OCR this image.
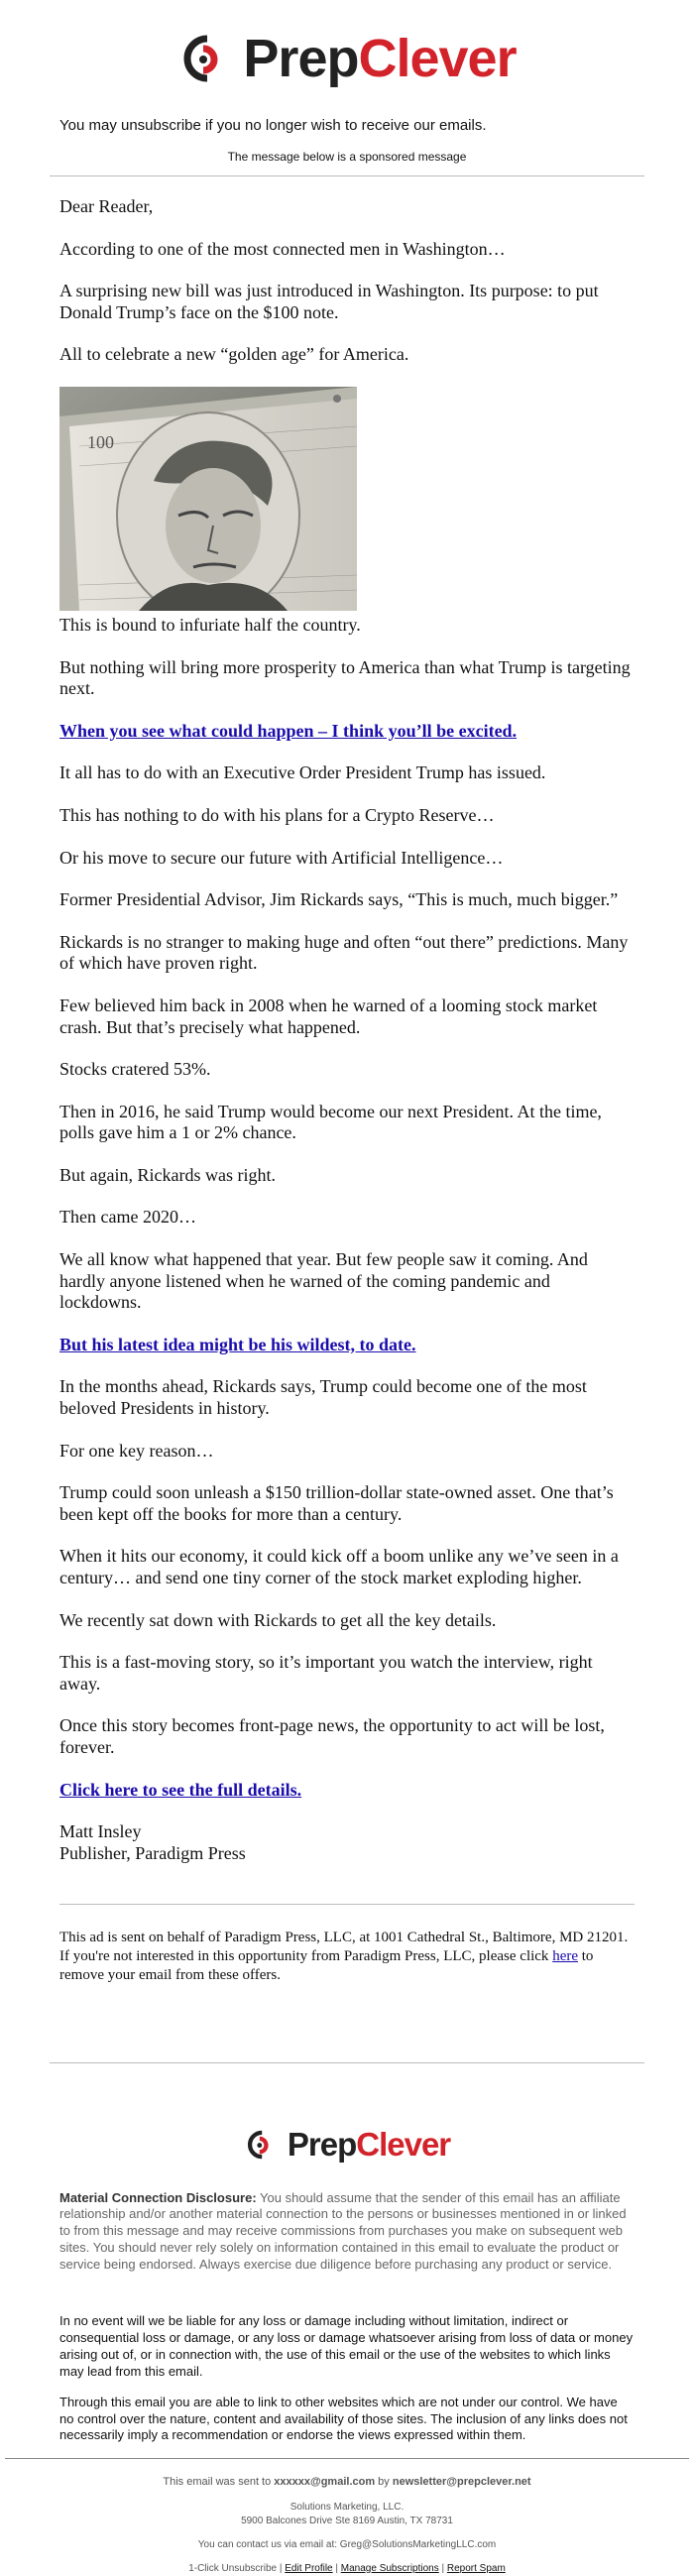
PrepClever
You may unsubscribe if you no longer wish to receive our emails.
The message below is a sponsored message

Dear Reader,

According to one of the most connected men in Washington…

A surprising new bill was just introduced in Washington. Its purpose: to put Donald Trump’s face on the $100 note.

All to celebrate a new “golden age” for America.

100

This is bound to infuriate half the country.

But nothing will bring more prosperity to America than what Trump is targeting next.

When you see what could happen – I think you’ll be excited.

It all has to do with an Executive Order President Trump has issued.

This has nothing to do with his plans for a Crypto Reserve…

Or his move to secure our future with Artificial Intelligence…

Former Presidential Advisor, Jim Rickards says, “This is much, much bigger.”

Rickards is no stranger to making huge and often “out there” predictions. Many of which have proven right.

Few believed him back in 2008 when he warned of a looming stock market crash. But that’s precisely what happened.

Stocks cratered 53%.

Then in 2016, he said Trump would become our next President. At the time, polls gave him a 1 or 2% chance.

But again, Rickards was right.

Then came 2020…

We all know what happened that year. But few people saw it coming. And hardly anyone listened when he warned of the coming pandemic and lockdowns.

But his latest idea might be his wildest, to date.

In the months ahead, Rickards says, Trump could become one of the most beloved Presidents in history.

For one key reason…

Trump could soon unleash a $150 trillion-dollar state-owned asset. One that’s been kept off the books for more than a century.

When it hits our economy, it could kick off a boom unlike any we’ve seen in a century… and send one tiny corner of the stock market exploding higher.

We recently sat down with Rickards to get all the key details.

This is a fast-moving story, so it’s important you watch the interview, right away.

Once this story becomes front-page news, the opportunity to act will be lost, forever.

Click here to see the full details.

Matt Insley

Publisher, Paradigm Press

This ad is sent on behalf of Paradigm Press, LLC, at 1001 Cathedral St., Baltimore, MD 21201. If you're not interested in this opportunity from Paradigm Press, LLC, please click here to remove your email from these offers.
PrepClever
Material Connection Disclosure: You should assume that the sender of this email has an affiliate relationship and/or another material connection to the persons or businesses mentioned in or linked to from this message and may receive commissions from purchases you make on subsequent web sites. You should never rely solely on information contained in this email to evaluate the product or service being endorsed. Always exercise due diligence before purchasing any product or service.

In no event will we be liable for any loss or damage including without limitation, indirect or consequential loss or damage, or any loss or damage whatsoever arising from loss of data or money arising out of, or in connection with, the use of this email or the use of the websites to which links may lead from this email.

Through this email you are able to link to other websites which are not under our control. We have no control over the nature, content and availability of those sites. The inclusion of any links does not necessarily imply a recommendation or endorse the views expressed within them.

This email was sent to xxxxxx@gmail.com by newsletter@prepclever.net
Solutions Marketing, LLC.
5900 Balcones Drive Ste 8169 Austin, TX 78731
You can contact us via email at: Greg@SolutionsMarketingLLC.com
1-Click Unsubscribe | Edit Profile | Manage Subscriptions | Report Spam
